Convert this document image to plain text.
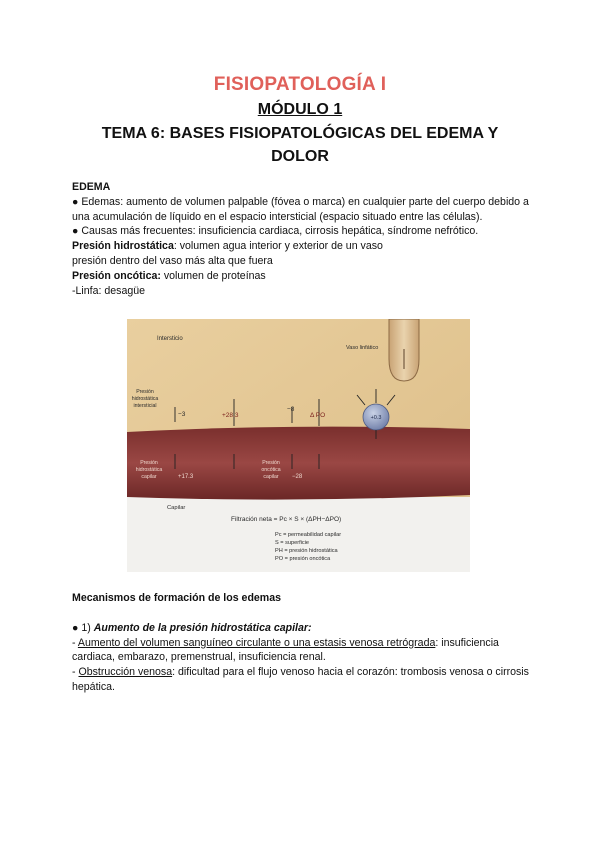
FISIOPATOLOGÍA I
MÓDULO 1
TEMA 6: BASES FISIOPATOLÓGICAS DEL EDEMA Y DOLOR

EDEMA

● Edemas: aumento de volumen palpable (fóvea o marca) en cualquier parte del cuerpo debido a una acumulación de líquido en el espacio intersticial (espacio situado entre las células).

● Causas más frecuentes: insuficiencia cardiaca, cirrosis hepática, síndrome nefrótico.

Presión hidrostática: volumen agua interior y exterior de un vaso

presión dentro del vaso más alta que fuera

Presión oncótica: volumen de proteínas

-Linfa: desagüe

Intersticio
Vaso linfático
Presión
hidrostática
intersticial
−3	+28.3
−8
Δ PO	+0.3
Presión
hidrostática
capilar	+17.3
Presión
oncótica
capilar −28
Capilar
Filtración neta = Pc × S × (ΔPH−ΔPO)
Pc = permeabilidad capilar
S = superficie
PH = presión hidrostática
PO = presión oncótica

Mecanismos de formación de los edemas

● 1) Aumento de la presión hidrostática capilar:

- Aumento del volumen sanguíneo circulante o una estasis venosa retrógrada: insuficiencia cardiaca, embarazo, premenstrual, insuficiencia renal.

- Obstrucción venosa: dificultad para el flujo venoso hacia el corazón: trombosis venosa o cirrosis hepática.
